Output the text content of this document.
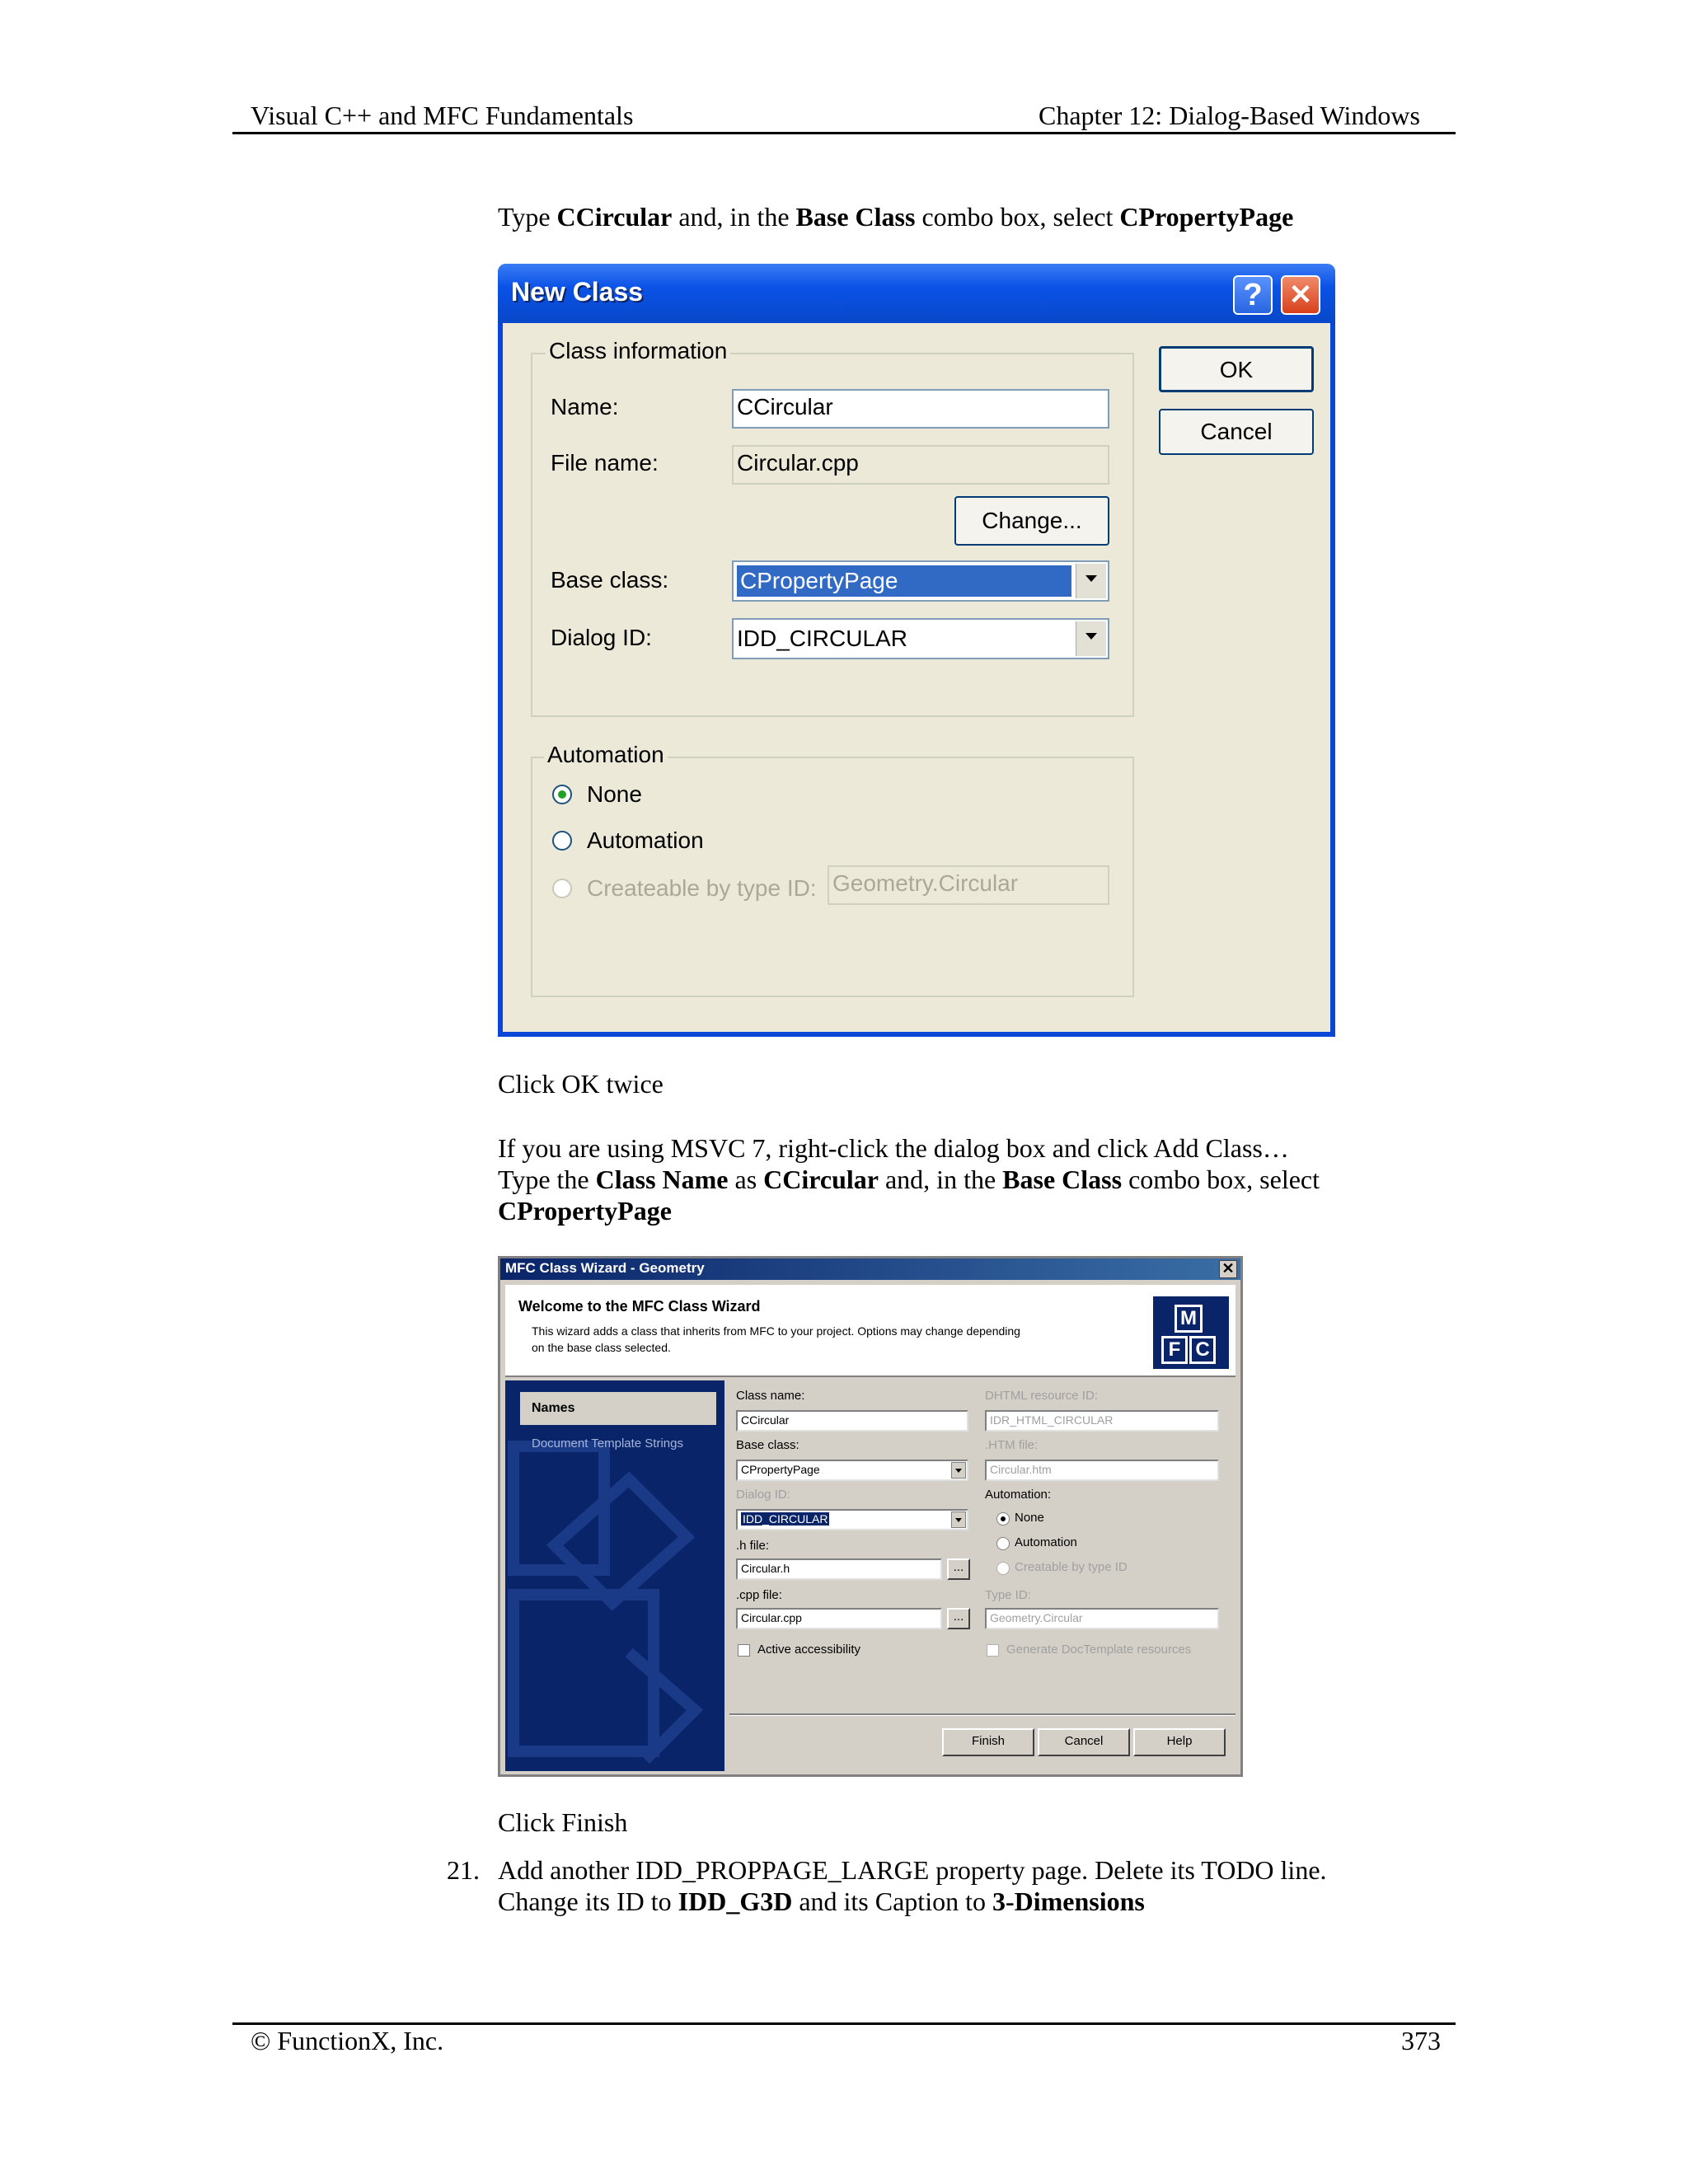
Visual C++ and MFC Fundamentals	Chapter 12: Dialog-Based Windows
Type CCircular and, in the Base Class combo box, select CPropertyPage
New Class	? ✕
Class information
Name:	CCircular
File name:	Circular.cpp
Change...
Base class:	CPropertyPage
Dialog ID:	IDD_CIRCULAR
OK
Cancel
Automation
None
Automation
Createable by type ID: Geometry.Circular
Click OK twice
If you are using MSVC 7, right-click the dialog box and click Add Class…
Type the Class Name as CCircular and, in the Base Class combo box, select
CPropertyPage
MFC Class Wizard - Geometry	✕
Welcome to the MFC Class Wizard
This wizard adds a class that inherits from MFC to your project. Options may change depending
on the base class selected.
M
F C
Names
Document Template Strings
Class name:
CCircular
Base class:
CPropertyPage
Dialog ID:
IDD_CIRCULAR
.h file:
Circular.h	...
.cpp file:
Circular.cpp	...
Active accessibility
DHTML resource ID:
IDR_HTML_CIRCULAR
.HTM file:
Circular.htm
Automation:
None
Automation
Creatable by type ID
Type ID:
Geometry.Circular
Generate DocTemplate resources
Finish	Cancel	Help
Click Finish
21. Add another IDD_PROPPAGE_LARGE property page. Delete its TODO line.
Change its ID to IDD_G3D and its Caption to 3-Dimensions
© FunctionX, Inc.	373
